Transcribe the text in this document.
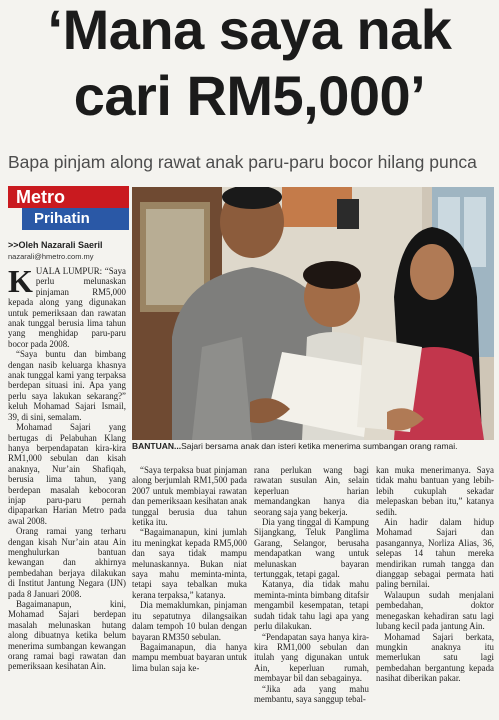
‘Mana saya nak
cari RM5,000’
Bapa pinjam along rawat anak paru-paru bocor hilang punca
Metro
Prihatin
>>Oleh Nazarali Saeril
nazarali@hmetro.com.my
BANTUAN...Sajari bersama anak dan isteri ketika menerima sumbangan orang ramai.

KUALA LUMPUR: “Saya perlu melunaskan pinjaman RM5,000 kepada along yang digunakan untuk pemeriksaan dan rawatan anak tunggal berusia lima tahun yang menghidap paru-paru bocor pada 2008.

“Saya buntu dan bimbang dengan nasib keluarga khasnya anak tunggal kami yang terpaksa berdepan situasi ini. Apa yang perlu saya lakukan sekarang?” keluh Mohamad Sajari Ismail, 39, di sini, semalam.

Mohamad Sajari yang bertugas di Pelabuhan Klang hanya berpendapatan kira-kira RM1,000 sebulan dan kisah anaknya, Nur’ain Shafiqah, berusia lima tahun, yang berdepan masalah kebocoran injap paru-paru pernah dipaparkan Harian Metro pada awal 2008.

Orang ramai yang terharu dengan kisah Nur’ain atau Ain menghulurkan bantuan kewangan dan akhirnya pembedahan berjaya dilakukan di Institut Jantung Negara (IJN) pada 8 Januari 2008.

Bagaimanapun, kini, Mohamad Sajari berdepan masalah melunaskan hutang along dibuatnya ketika belum menerima sumbangan kewangan orang ramai bagi rawatan dan pemeriksaan kesihatan Ain.

“Saya terpaksa buat pinjaman along berjumlah RM1,500 pada 2007 untuk membiayai rawatan dan pemeriksaan kesihatan anak tunggal berusia dua tahun ketika itu.

“Bagaimanapun, kini jumlah itu meningkat kepada RM5,000 dan saya tidak mampu melunaskannya. Bukan niat saya mahu meminta-minta, tetapi saya tebalkan muka kerana terpaksa,” katanya.

Dia memaklumkan, pinjaman itu sepatutnya dilangsaikan dalam tempoh 10 bulan dengan bayaran RM350 sebulan.

Bagaimanapun, dia hanya mampu membuat bayaran untuk lima bulan saja ke-

rana perlukan wang bagi rawatan susulan Ain, selain keperluan harian memandangkan hanya dia seorang saja yang bekerja.

Dia yang tinggal di Kampung Sijangkang, Teluk Panglima Garang, Selangor, berusaha mendapatkan wang untuk melunaskan bayaran tertunggak, tetapi gagal.

Katanya, dia tidak mahu meminta-minta bimbang ditafsir mengambil kesempatan, tetapi sudah tidak tahu lagi apa yang perlu dilakukan.

“Pendapatan saya hanya kira-kira RM1,000 sebulan dan itulah yang digunakan untuk Ain, keperluan rumah, membayar bil dan sebagainya.

“Jika ada yang mahu membantu, saya sanggup tebal-

kan muka menerimanya. Saya tidak mahu bantuan yang lebih-lebih cukuplah sekadar melepaskan beban itu,” katanya sedih.

Ain hadir dalam hidup Mohamad Sajari dan pasangannya, Norliza Alias, 36, selepas 14 tahun mereka mendirikan rumah tangga dan dianggap sebagai permata hati paling bernilai.

Walaupun sudah menjalani pembedahan, doktor menegaskan kehadiran satu lagi lubang kecil pada jantung Ain.

Mohamad Sajari berkata, mungkin anaknya itu memerlukan satu lagi pembedahan bergantung kepada nasihat diberikan pakar.
